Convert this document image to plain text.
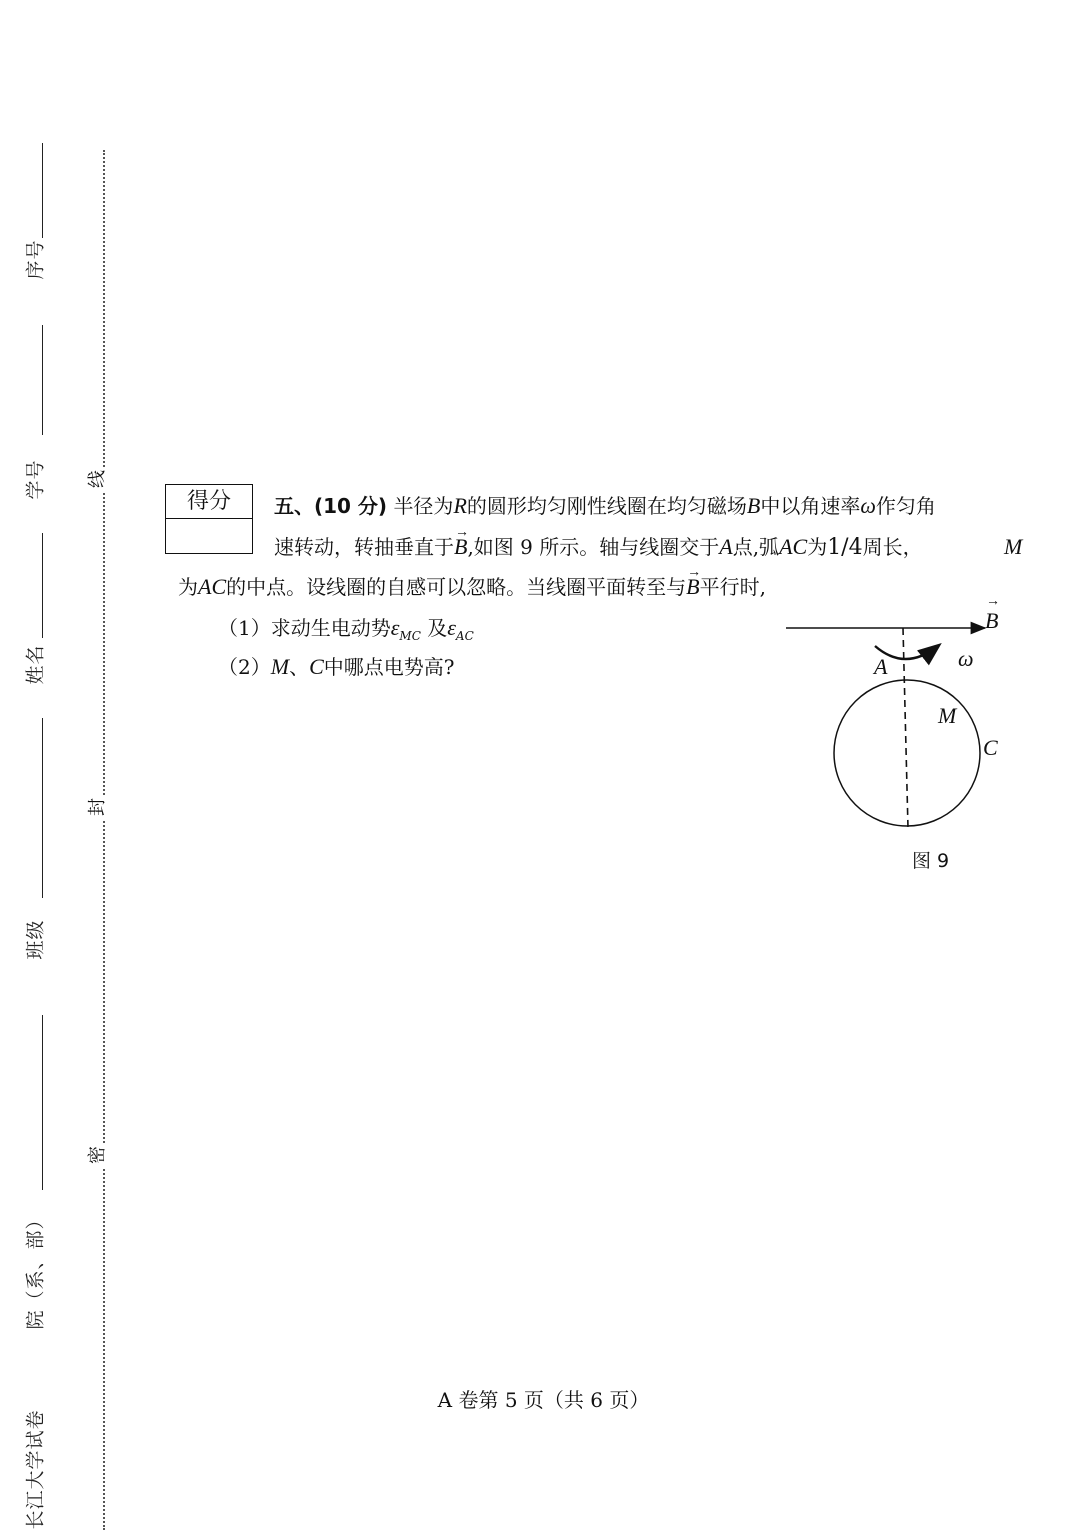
序号
学号
姓名
班级
院（系、部）
长江大学试卷
线
封
密
得分	五、(10 分) 半径为R的圆形均匀刚性线圈在均匀磁场B中以角速率ω作匀角
速转动，转抽垂直于→ B,如图 9 所示。轴与线圈交于A点,弧AC为1/4周长，	M
为AC的中点。设线圈的自感可以忽略。当线圈平面转至与→ B平行时,
（1）求动生电动势$\varepsilon_{MC}$ 及$\varepsilon_{AC}$
（2）M、C中哪点电势高?
→ B
ω
A
M
C
图 9
A 卷第 5 页（共 6 页）
